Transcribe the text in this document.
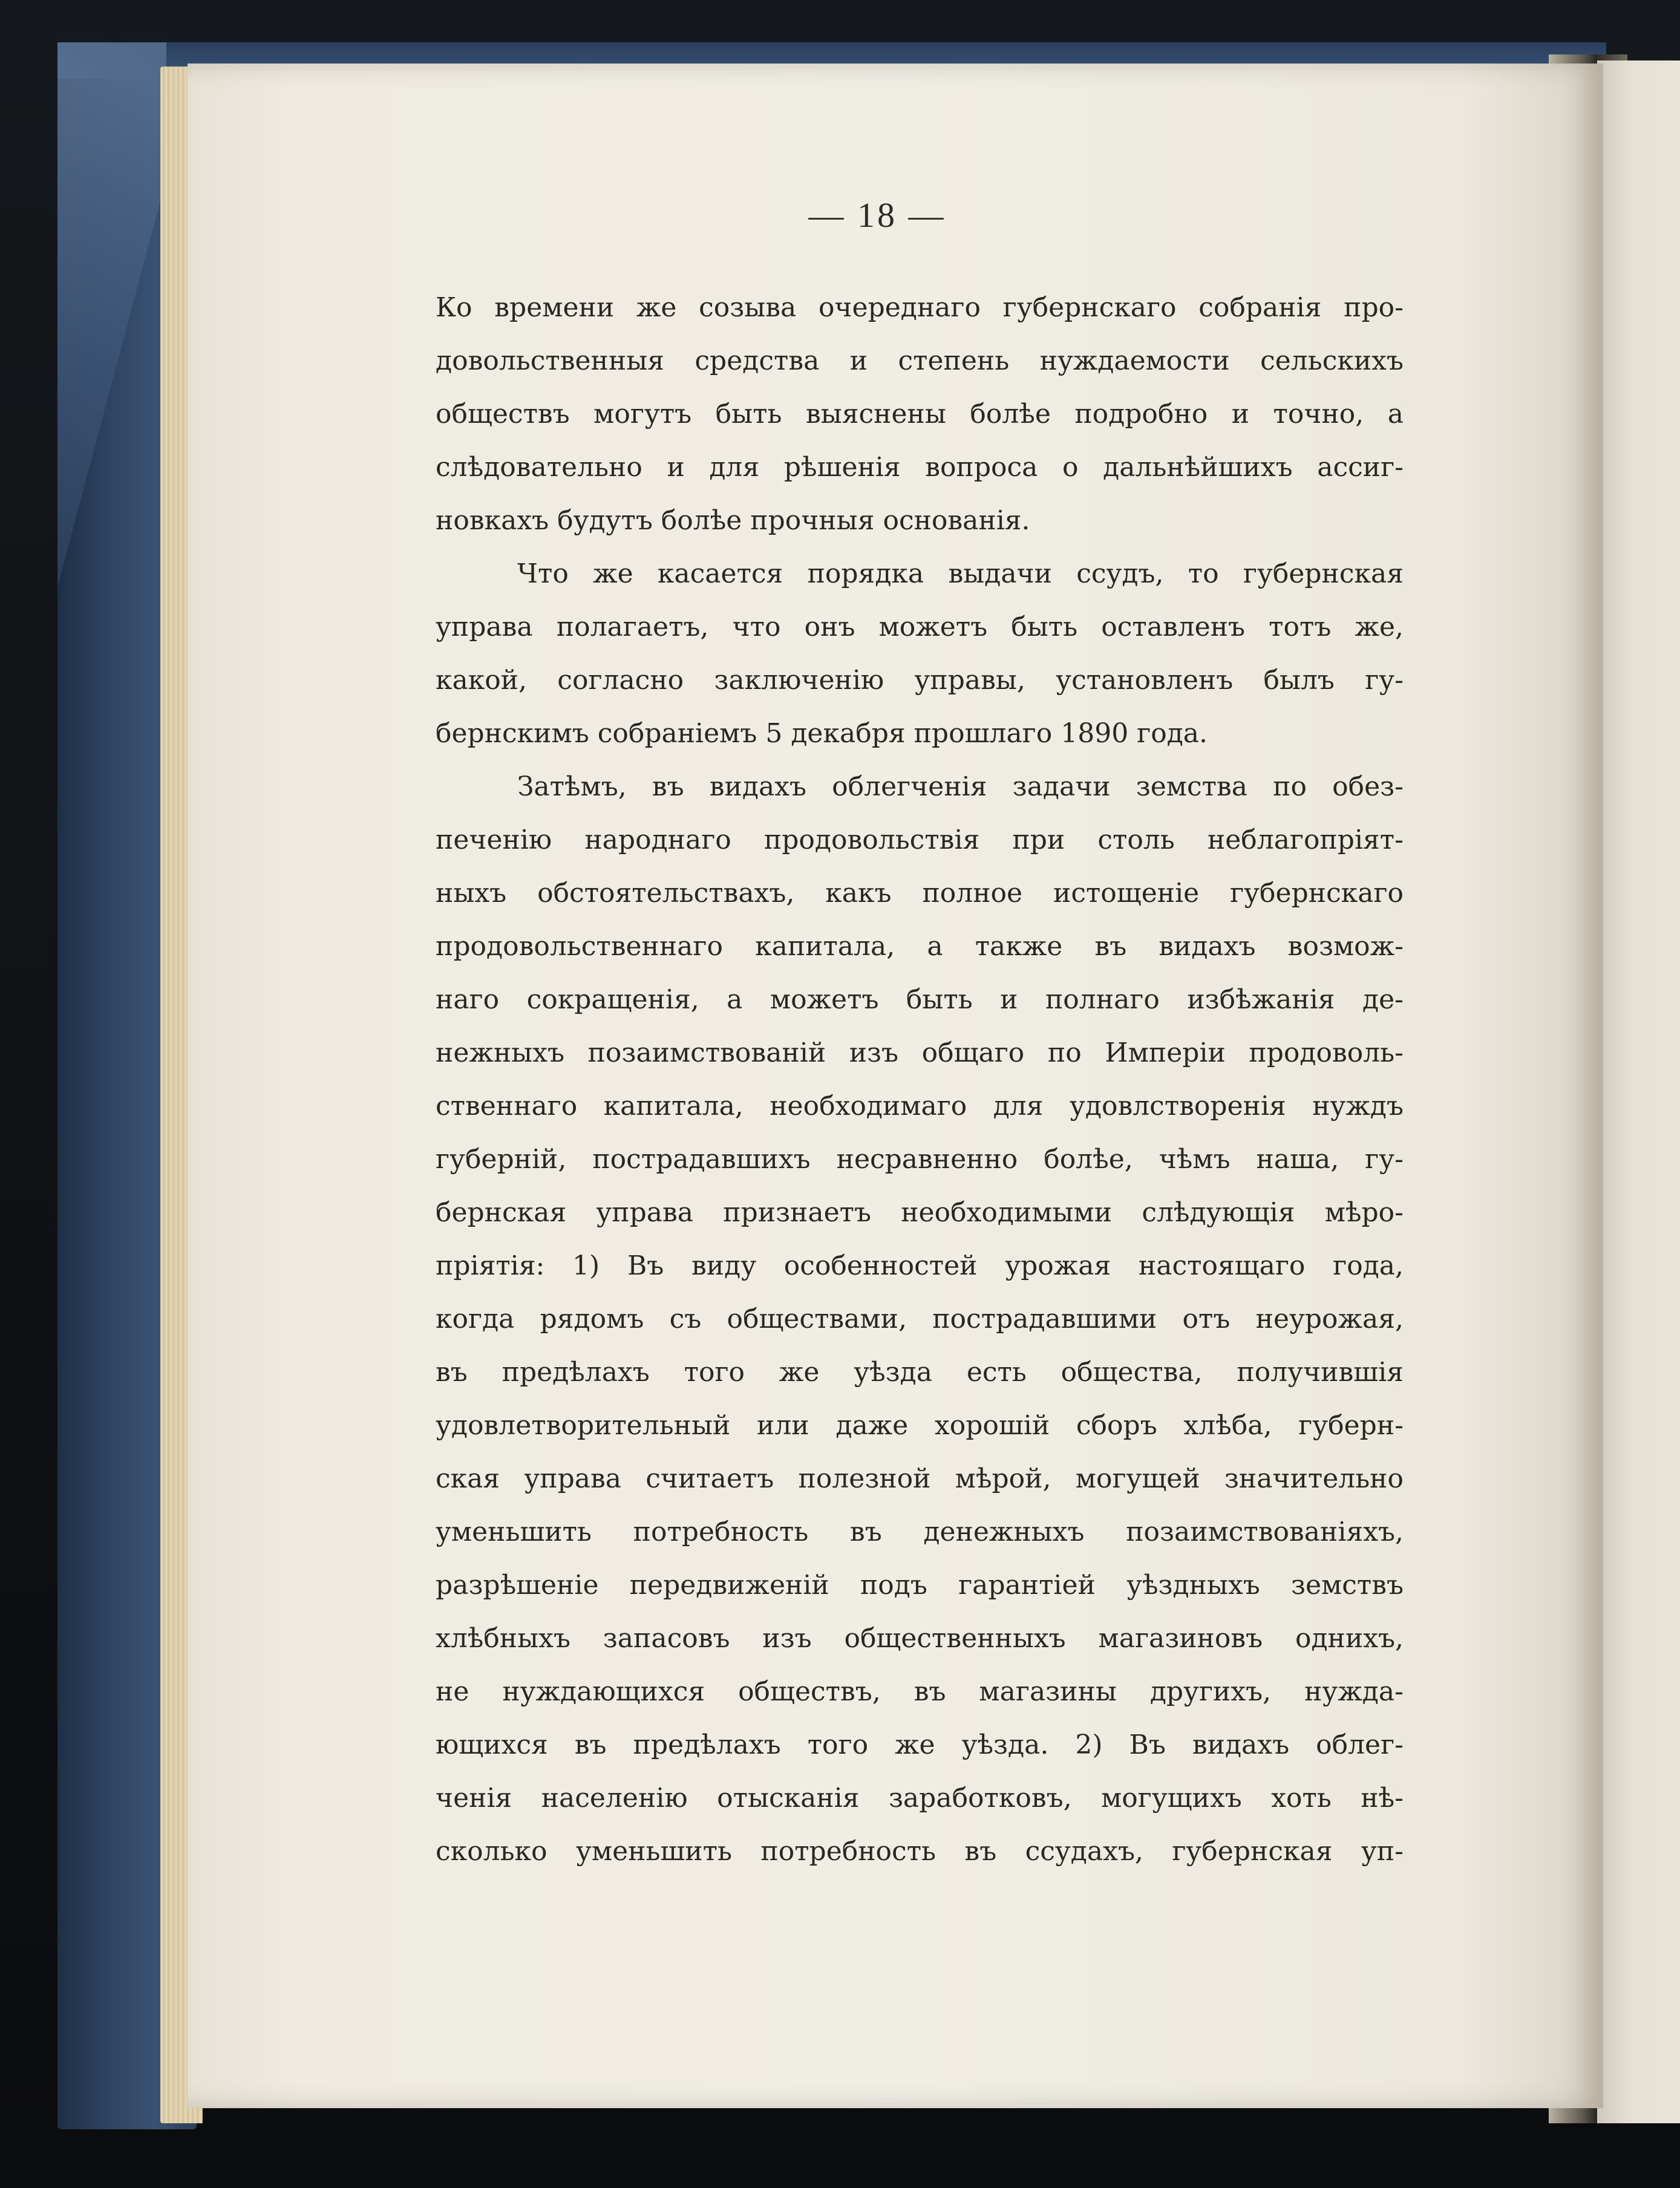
— 18 —
Ко времени же созыва очереднаго губернскаго собранія про-
довольственныя средства и степень нуждаемости сельскихъ
обществъ могутъ быть выяснены болѣе подробно и точно, а
слѣдовательно и для рѣшенія вопроса о дальнѣйшихъ ассиг-
новкахъ будутъ болѣе прочныя основанія.
Что же касается порядка выдачи ссудъ, то губернская
управа полагаетъ, что онъ можетъ быть оставленъ тотъ же,
какой, согласно заключенію управы, установленъ былъ гу-
бернскимъ собраніемъ 5 декабря прошлаго 1890 года.
Затѣмъ, въ видахъ облегченія задачи земства по обез-
печенію народнаго продовольствія при столь неблагопріят-
ныхъ обстоятельствахъ, какъ полное истощеніе губернскаго
продовольственнаго капитала, а также въ видахъ возмож-
наго сокращенія, а можетъ быть и полнаго избѣжанія де-
нежныхъ позаимствованій изъ общаго по Имперіи продоволь-
ственнаго капитала, необходимаго для удовлстворенія нуждъ
губерній, пострадавшихъ несравненно болѣе, чѣмъ наша, гу-
бернская управа признаетъ необходимыми слѣдующія мѣро-
пріятія: 1) Въ виду особенностей урожая настоящаго года,
когда рядомъ съ обществами, пострадавшими отъ неурожая,
въ предѣлахъ того же уѣзда есть общества, получившія
удовлетворительный или даже хорошій сборъ хлѣба, губерн-
ская управа считаетъ полезной мѣрой, могущей значительно
уменьшить потребность въ денежныхъ позаимствованіяхъ,
разрѣшеніе передвиженій подъ гарантіей уѣздныхъ земствъ
хлѣбныхъ запасовъ изъ общественныхъ магазиновъ однихъ,
не нуждающихся обществъ, въ магазины другихъ, нужда-
ющихся въ предѣлахъ того же уѣзда. 2) Въ видахъ облег-
ченія населенію отысканія заработковъ, могущихъ хоть нѣ-
сколько уменьшить потребность въ ссудахъ, губернская уп-
